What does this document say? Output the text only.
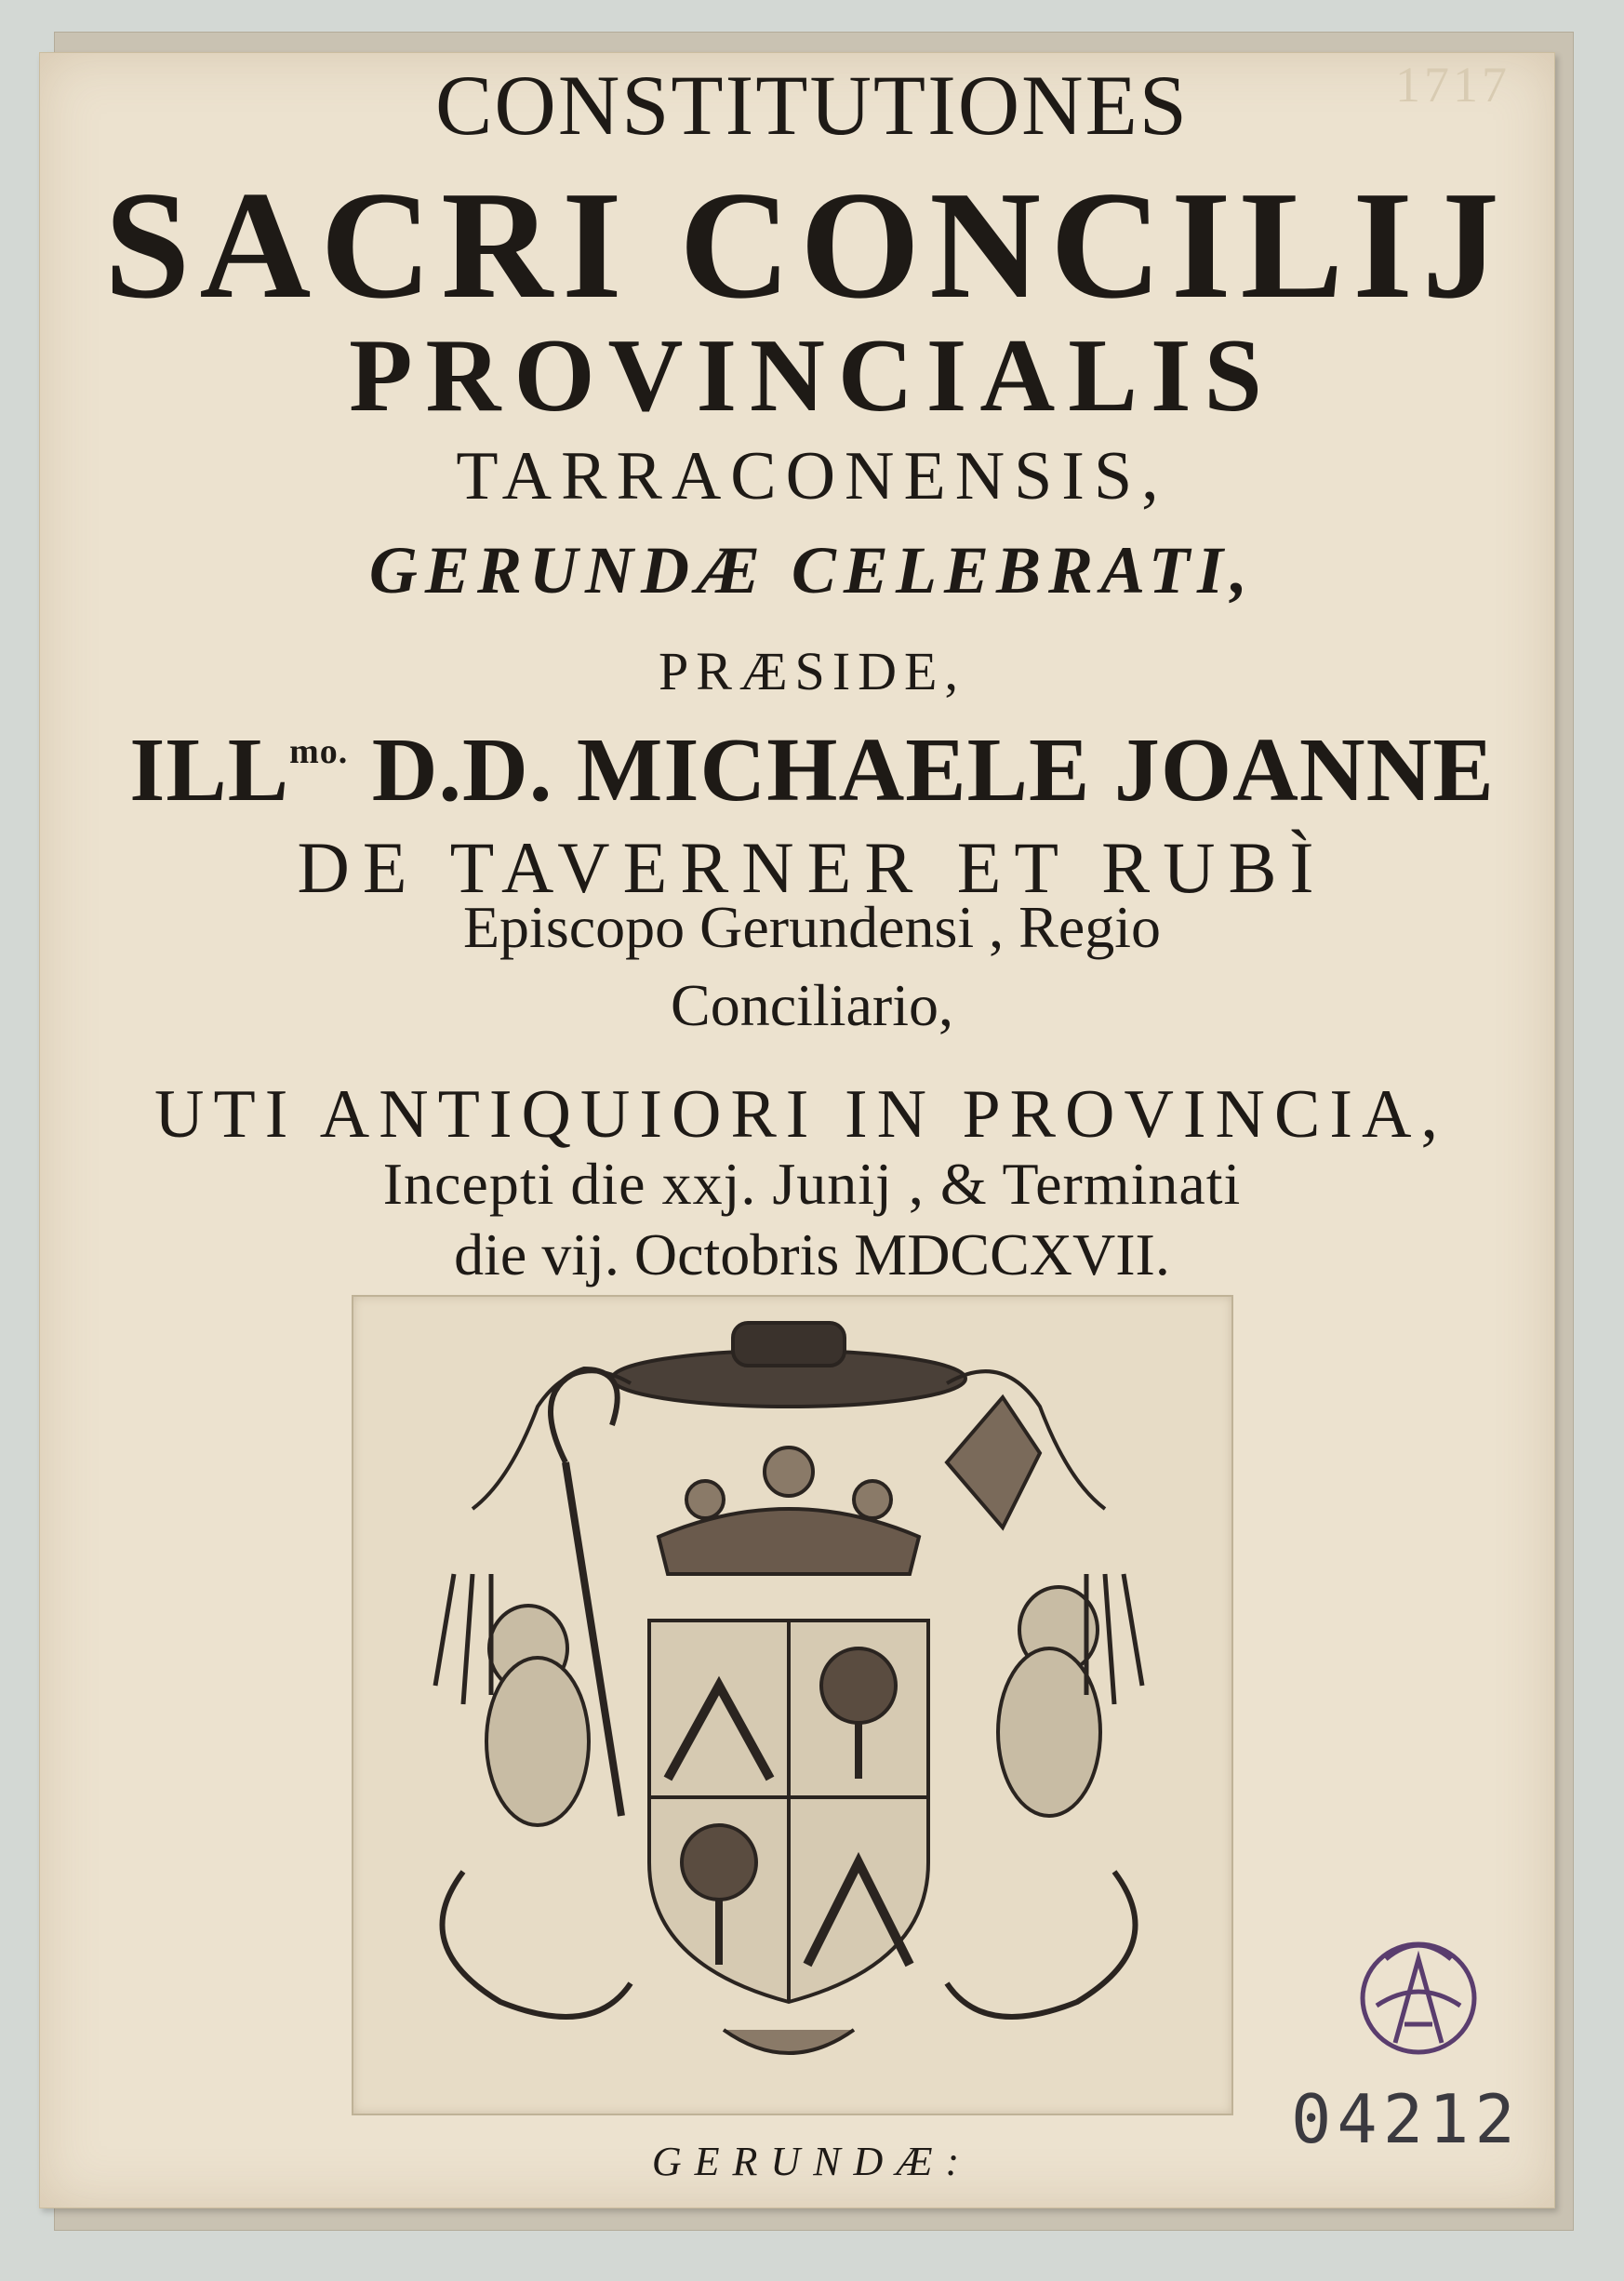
1717
CONSTITUTIONES
SACRI CONCILIJ
PROVINCIALIS
TARRACONENSIS,
GERUNDÆ CELEBRATI,
PRÆSIDE,
$ILL^{mo.}$ D.D. MICHAELE JOANNE
DE TAVERNER ET RUBÌ
Episcopo Gerundensi , Regio
Conciliario,
UTI ANTIQUIORI IN PROVINCIA,
Incepti die xxj. Junij , & Terminati
die vij. Octobris MDCCXVII.
GERUNDÆ:
04212
